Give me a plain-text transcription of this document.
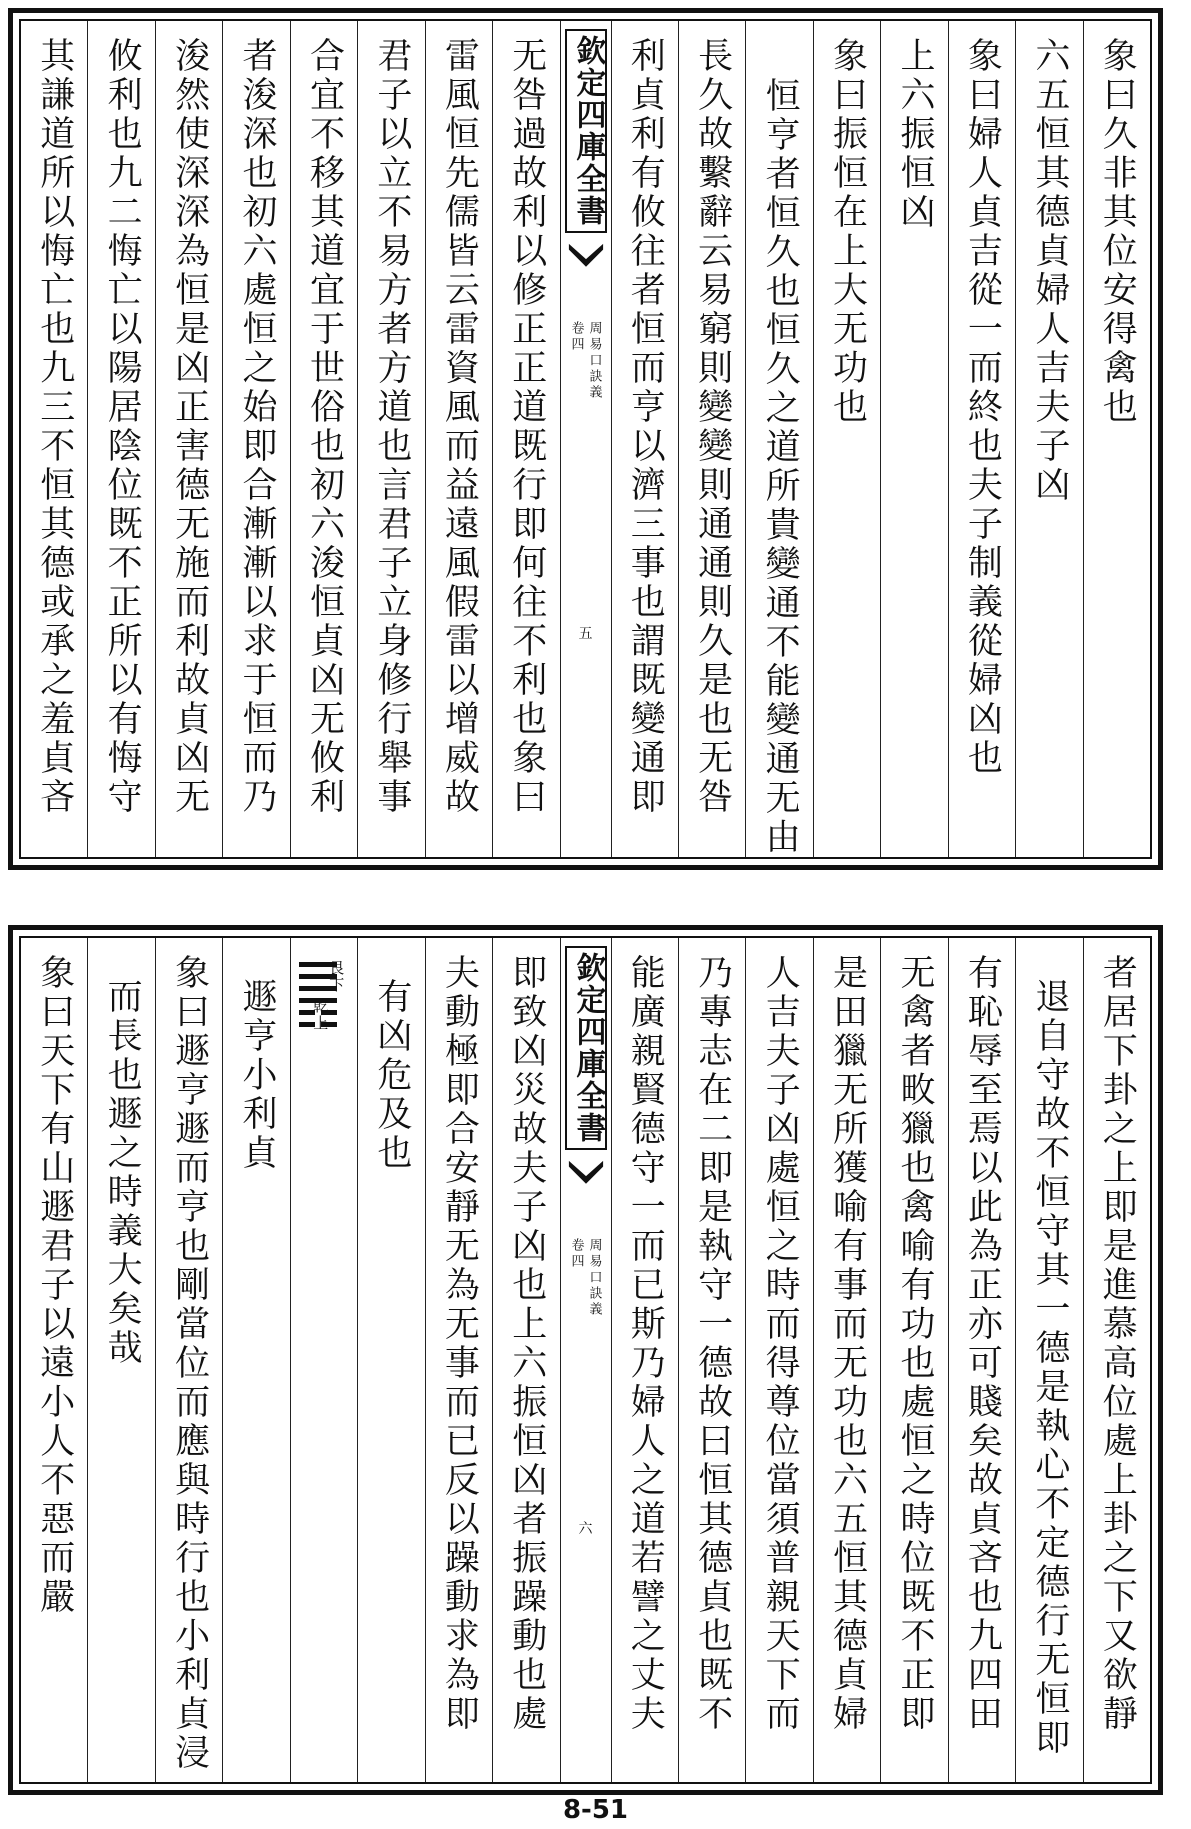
象曰久非其位安得禽也
六五恒其德貞婦人吉夫子凶
象曰婦人貞吉從一而終也夫子制義從婦凶也
上六振恒凶
象曰振恒在上大无功也
恒亨者恒久也恒久之道所貴變通不能變通无由
長久故繫辭云易窮則變變則通通則久是也无咎
利貞利有攸往者恒而亨以濟三事也謂既變通即
欽定四庫全書
周易口訣義
卷四
五
无咎過故利以修正正道既行即何往不利也象曰
雷風恒先儒皆云雷資風而益遠風假雷以增威故
君子以立不易方者方道也言君子立身修行舉事
合宜不移其道宜于世俗也初六浚恒貞凶无攸利
者浚深也初六處恒之始即合漸漸以求于恒而乃
浚然使深深為恒是凶正害德无施而利故貞凶无
攸利也九二悔亡以陽居陰位既不正所以有悔守
其謙道所以悔亡也九三不恒其德或承之羞貞吝
者居下卦之上即是進慕高位處上卦之下又欲靜
退自守故不恒守其一德是執心不定德行无恒即
有恥辱至焉以此為正亦可賤矣故貞吝也九四田
无禽者畋獵也禽喻有功也處恒之時位既不正即
是田獵无所獲喻有事而无功也六五恒其德貞婦
人吉夫子凶處恒之時而得尊位當須普親天下而
乃專志在二即是執守一德故曰恒其德貞也既不
能廣親賢德守一而已斯乃婦人之道若譬之丈夫
欽定四庫全書
周易口訣義
卷四
六
即致凶災故夫子凶也上六振恒凶者振躁動也處
夫動極即合安靜无為无事而已反以躁動求為即
有凶危及也
艮下
乾上
遯亨小利貞
象曰遯亨遯而亨也剛當位而應與時行也小利貞浸
而長也遯之時義大矣哉
象曰天下有山遯君子以遠小人不惡而嚴
8-51
